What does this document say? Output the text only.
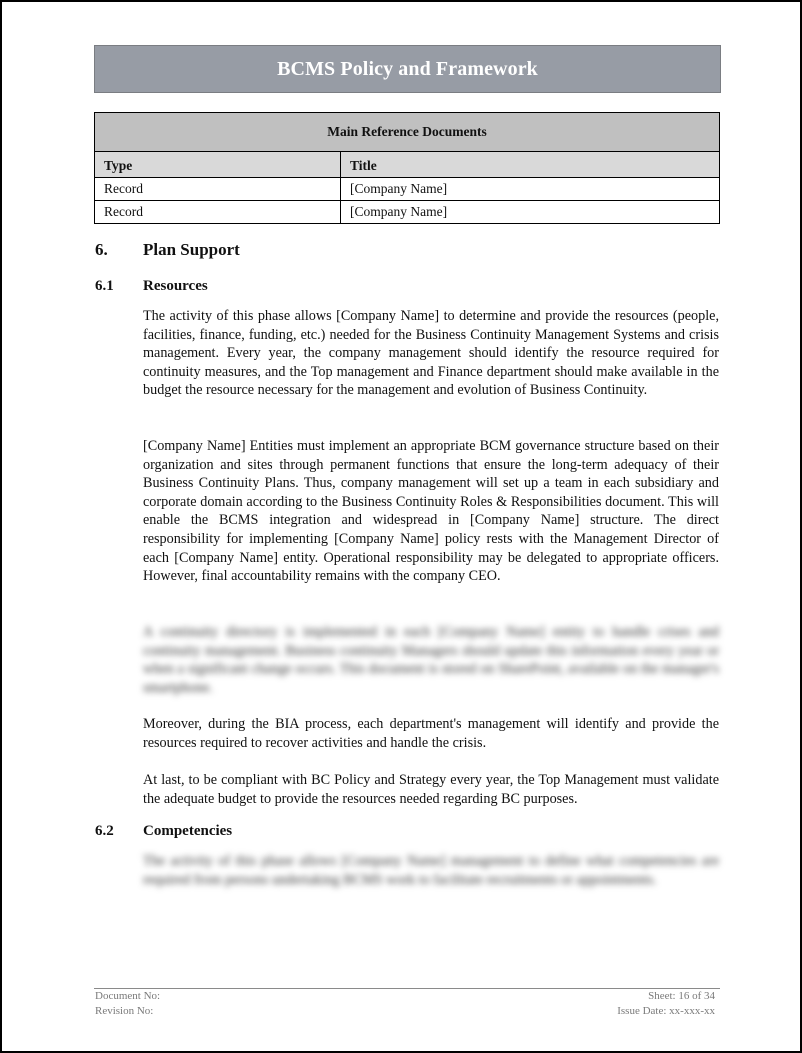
BCMS Policy and Framework
Main Reference Documents	
Type	Title
Record	[Company Name]
Record	[Company Name]
6. Plan Support
6.1 Resources

The activity of this phase allows [Company Name] to determine and provide the resources (people, facilities, finance, funding, etc.) needed for the Business Continuity Management Systems and crisis management. Every year, the company management should identify the resource required for continuity measures, and the Top management and Finance department should make available in the budget the resource necessary for the management and evolution of Business Continuity.

[Company Name] Entities must implement an appropriate BCM governance structure based on their organization and sites through permanent functions that ensure the long-term adequacy of their Business Continuity Plans. Thus, company management will set up a team in each subsidiary and corporate domain according to the Business Continuity Roles & Responsibilities document. This will enable the BCMS integration and widespread in [Company Name] structure. The direct responsibility for implementing [Company Name] policy rests with the Management Director of each [Company Name] entity. Operational responsibility may be delegated to appropriate officers. However, final accountability remains with the company CEO.

A continuity directory is implemented in each [Company Name] entity to handle crises and continuity management. Business continuity Managers should update this information every year or when a significant change occurs. This document is stored on SharePoint, available on the manager's smartphone.

Moreover, during the BIA process, each department's management will identify and provide the resources required to recover activities and handle the crisis.

At last, to be compliant with BC Policy and Strategy every year, the Top Management must validate the adequate budget to provide the resources needed regarding BC purposes.

6.2 Competencies

The activity of this phase allows [Company Name] management to define what competencies are required from persons undertaking BCMS work to facilitate recruitments or appointments.

Document No:
Revision No:
Sheet: 16 of 34
Issue Date: xx-xxx-xx
